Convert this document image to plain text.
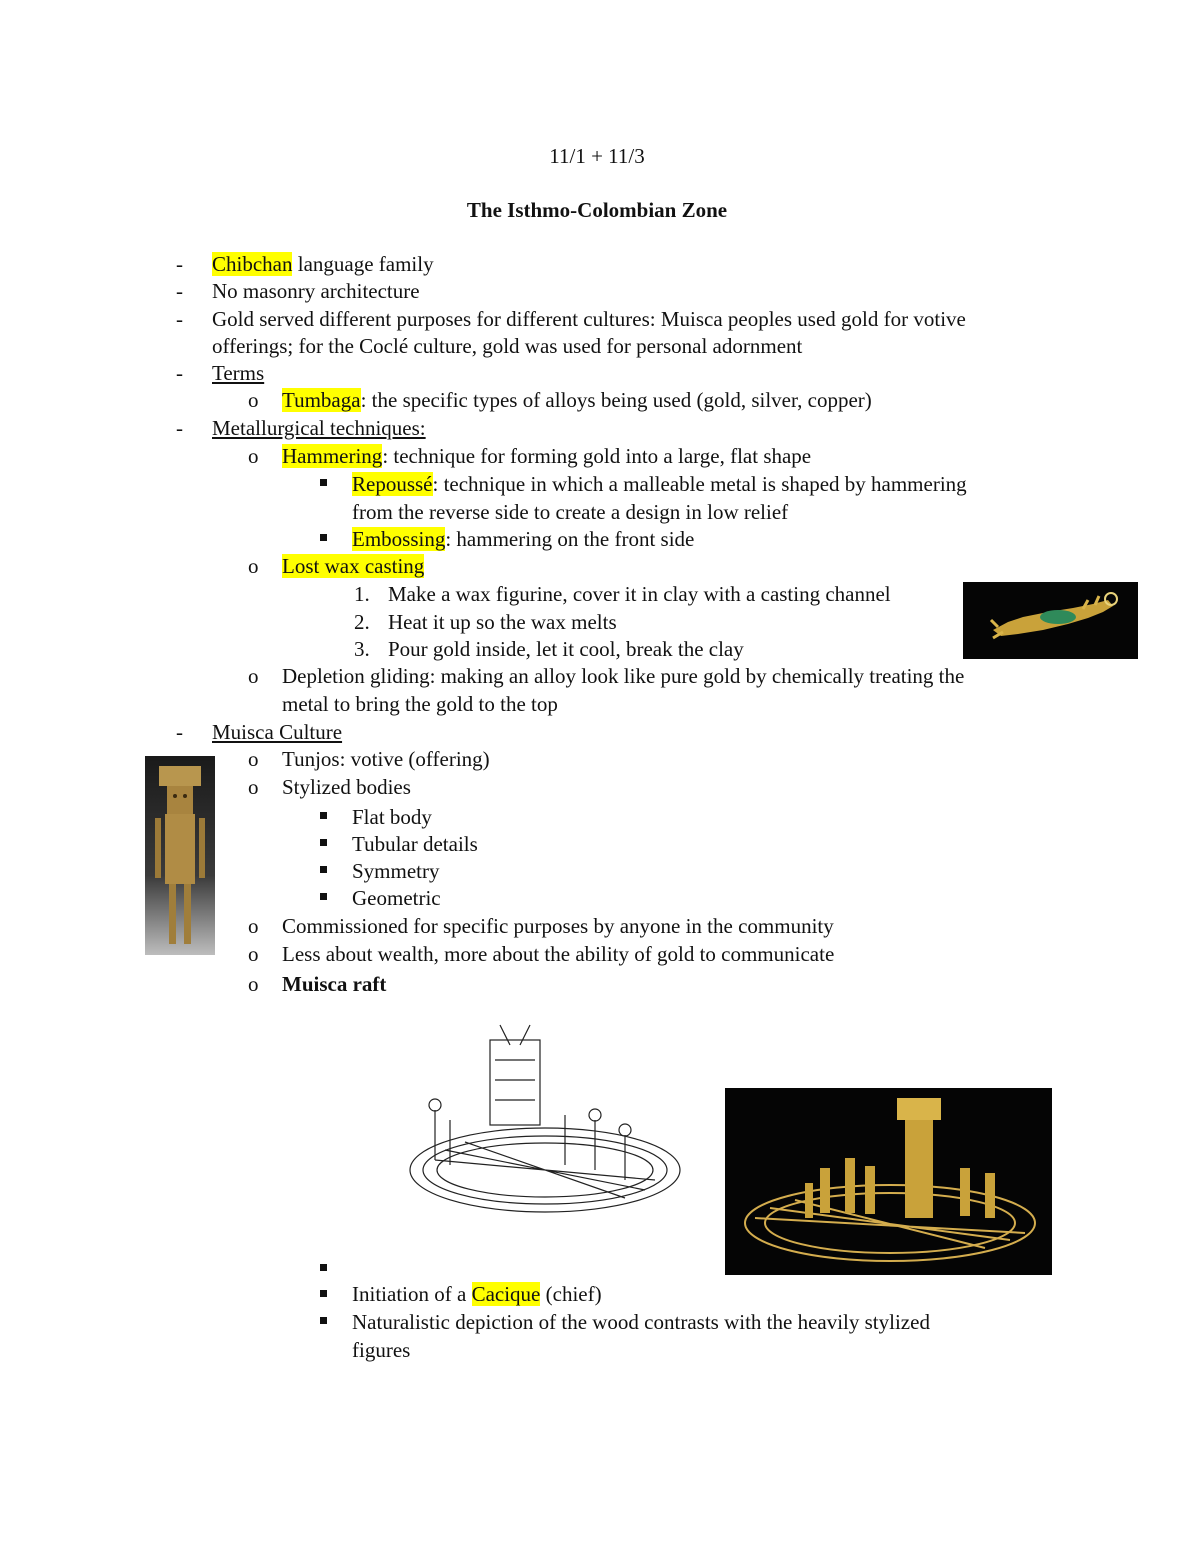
11/1 + 11/3
The Isthmo-Colombian Zone
- Chibchan language family
- No masonry architecture
- Gold served different purposes for different cultures: Muisca peoples used gold for votive
offerings; for the Coclé culture, gold was used for personal adornment
- Terms
o Tumbaga: the specific types of alloys being used (gold, silver, copper)
- Metallurgical techniques:
o Hammering: technique for forming gold into a large, flat shape
Repoussé: technique in which a malleable metal is shaped by hammering
from the reverse side to create a design in low relief
Embossing: hammering on the front side
o Lost wax casting
1. Make a wax figurine, cover it in clay with a casting channel
2. Heat it up so the wax melts
3. Pour gold inside, let it cool, break the clay
o Depletion gliding: making an alloy look like pure gold by chemically treating the
metal to bring the gold to the top
- Muisca Culture
o Tunjos: votive (offering)
o Stylized bodies
Flat body
Tubular details
Symmetry
Geometric
o Commissioned for specific purposes by anyone in the community
o Less about wealth, more about the ability of gold to communicate
o Muisca raft
Initiation of a Cacique (chief)
Naturalistic depiction of the wood contrasts with the heavily stylized
figures
